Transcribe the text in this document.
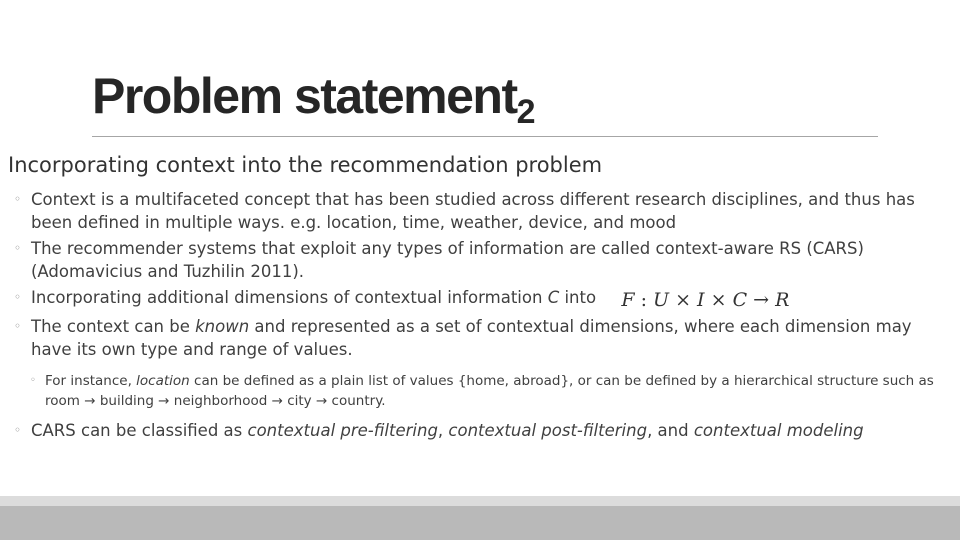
Problem statement$_2$
Incorporating context into the recommendation problem
◦ Context is a multifaceted concept that has been studied across different research disciplines, and thus has been defined in multiple ways. e.g. location, time, weather, device, and mood
◦ The recommender systems that exploit any types of information are called context-aware RS (CARS) (Adomavicius and Tuzhilin 2011).
◦ Incorporating additional dimensions of contextual information C into F : U × I × C → R
◦ The context can be known and represented as a set of contextual dimensions, where each dimension may have its own type and range of values.
◦ For instance, location can be defined as a plain list of values {home, abroad}, or can be defined by a hierarchical structure such as room → building → neighborhood → city → country.
◦ CARS can be classified as contextual pre-filtering, contextual post-filtering, and contextual modeling
